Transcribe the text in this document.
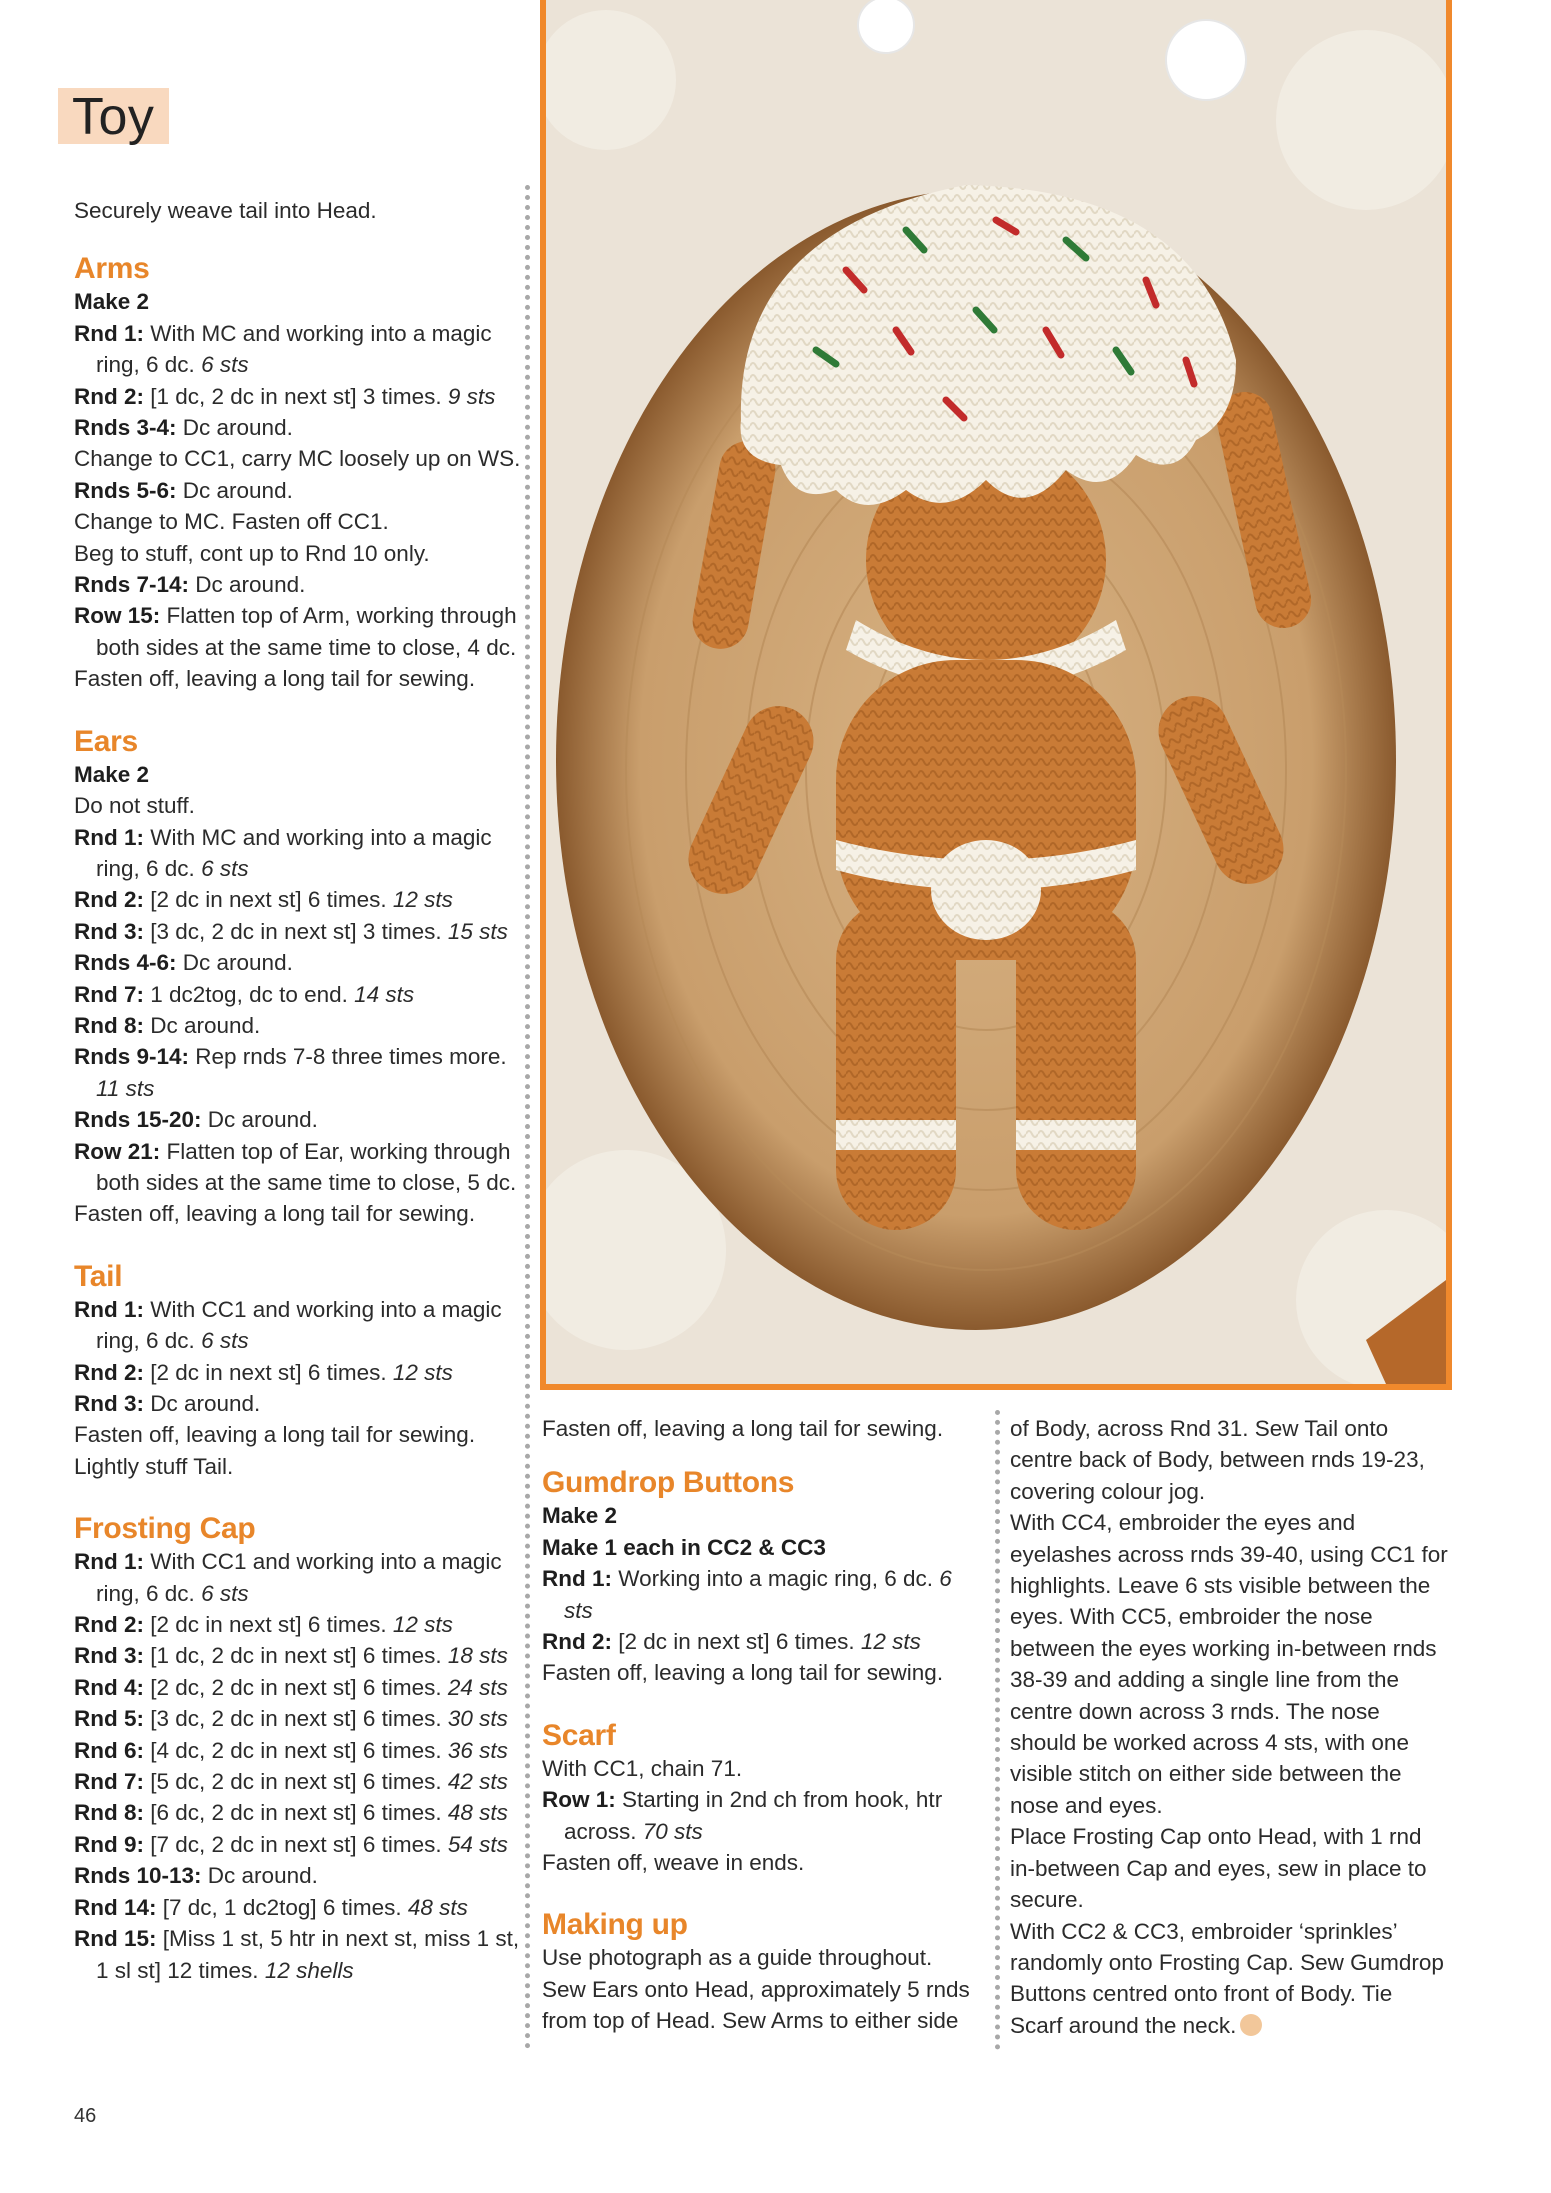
Toy

Securely weave tail into Head.

Arms

Make 2

Rnd 1: With MC and working into a magic ring, 6 dc. 6 sts

Rnd 2: [1 dc, 2 dc in next st] 3 times. 9 sts

Rnds 3-4: Dc around.

Change to CC1, carry MC loosely up on WS.

Rnds 5-6: Dc around.

Change to MC. Fasten off CC1.

Beg to stuff, cont up to Rnd 10 only.

Rnds 7-14: Dc around.

Row 15: Flatten top of Arm, working through both sides at the same time to close, 4 dc.

Fasten off, leaving a long tail for sewing.

Ears

Make 2

Do not stuff.

Rnd 1: With MC and working into a magic ring, 6 dc. 6 sts

Rnd 2: [2 dc in next st] 6 times. 12 sts

Rnd 3: [3 dc, 2 dc in next st] 3 times. 15 sts

Rnds 4-6: Dc around.

Rnd 7: 1 dc2tog, dc to end. 14 sts

Rnd 8: Dc around.

Rnds 9-14: Rep rnds 7-8 three times more. 11 sts

Rnds 15-20: Dc around.

Row 21: Flatten top of Ear, working through both sides at the same time to close, 5 dc.

Fasten off, leaving a long tail for sewing.

Tail

Rnd 1: With CC1 and working into a magic ring, 6 dc. 6 sts

Rnd 2: [2 dc in next st] 6 times. 12 sts

Rnd 3: Dc around.

Fasten off, leaving a long tail for sewing.

Lightly stuff Tail.

Frosting Cap

Rnd 1: With CC1 and working into a magic ring, 6 dc. 6 sts

Rnd 2: [2 dc in next st] 6 times. 12 sts

Rnd 3: [1 dc, 2 dc in next st] 6 times. 18 sts

Rnd 4: [2 dc, 2 dc in next st] 6 times. 24 sts

Rnd 5: [3 dc, 2 dc in next st] 6 times. 30 sts

Rnd 6: [4 dc, 2 dc in next st] 6 times. 36 sts

Rnd 7: [5 dc, 2 dc in next st] 6 times. 42 sts

Rnd 8: [6 dc, 2 dc in next st] 6 times. 48 sts

Rnd 9: [7 dc, 2 dc in next st] 6 times. 54 sts

Rnds 10-13: Dc around.

Rnd 14: [7 dc, 1 dc2tog] 6 times. 48 sts

Rnd 15: [Miss 1 st, 5 htr in next st, miss 1 st, 1 sl st] 12 times. 12 shells

Fasten off, leaving a long tail for sewing.

Gumdrop Buttons

Make 2

Make 1 each in CC2 & CC3

Rnd 1: Working into a magic ring, 6 dc. 6 sts

Rnd 2: [2 dc in next st] 6 times. 12 sts

Fasten off, leaving a long tail for sewing.

Scarf

With CC1, chain 71.

Row 1: Starting in 2nd ch from hook, htr across. 70 sts

Fasten off, weave in ends.

Making up

Use photograph as a guide throughout.

Sew Ears onto Head, approximately 5 rnds from top of Head. Sew Arms to either side

of Body, across Rnd 31. Sew Tail onto centre back of Body, between rnds 19-23, covering colour jog.

With CC4, embroider the eyes and eyelashes across rnds 39-40, using CC1 for highlights. Leave 6 sts visible between the eyes. With CC5, embroider the nose between the eyes working in-between rnds 38-39 and adding a single line from the centre down across 3 rnds. The nose should be worked across 4 sts, with one visible stitch on either side between the nose and eyes.

Place Frosting Cap onto Head, with 1 rnd in-between Cap and eyes, sew in place to secure.

With CC2 & CC3, embroider ‘sprinkles’ randomly onto Frosting Cap. Sew Gumdrop Buttons centred onto front of Body. Tie Scarf around the neck.

46
